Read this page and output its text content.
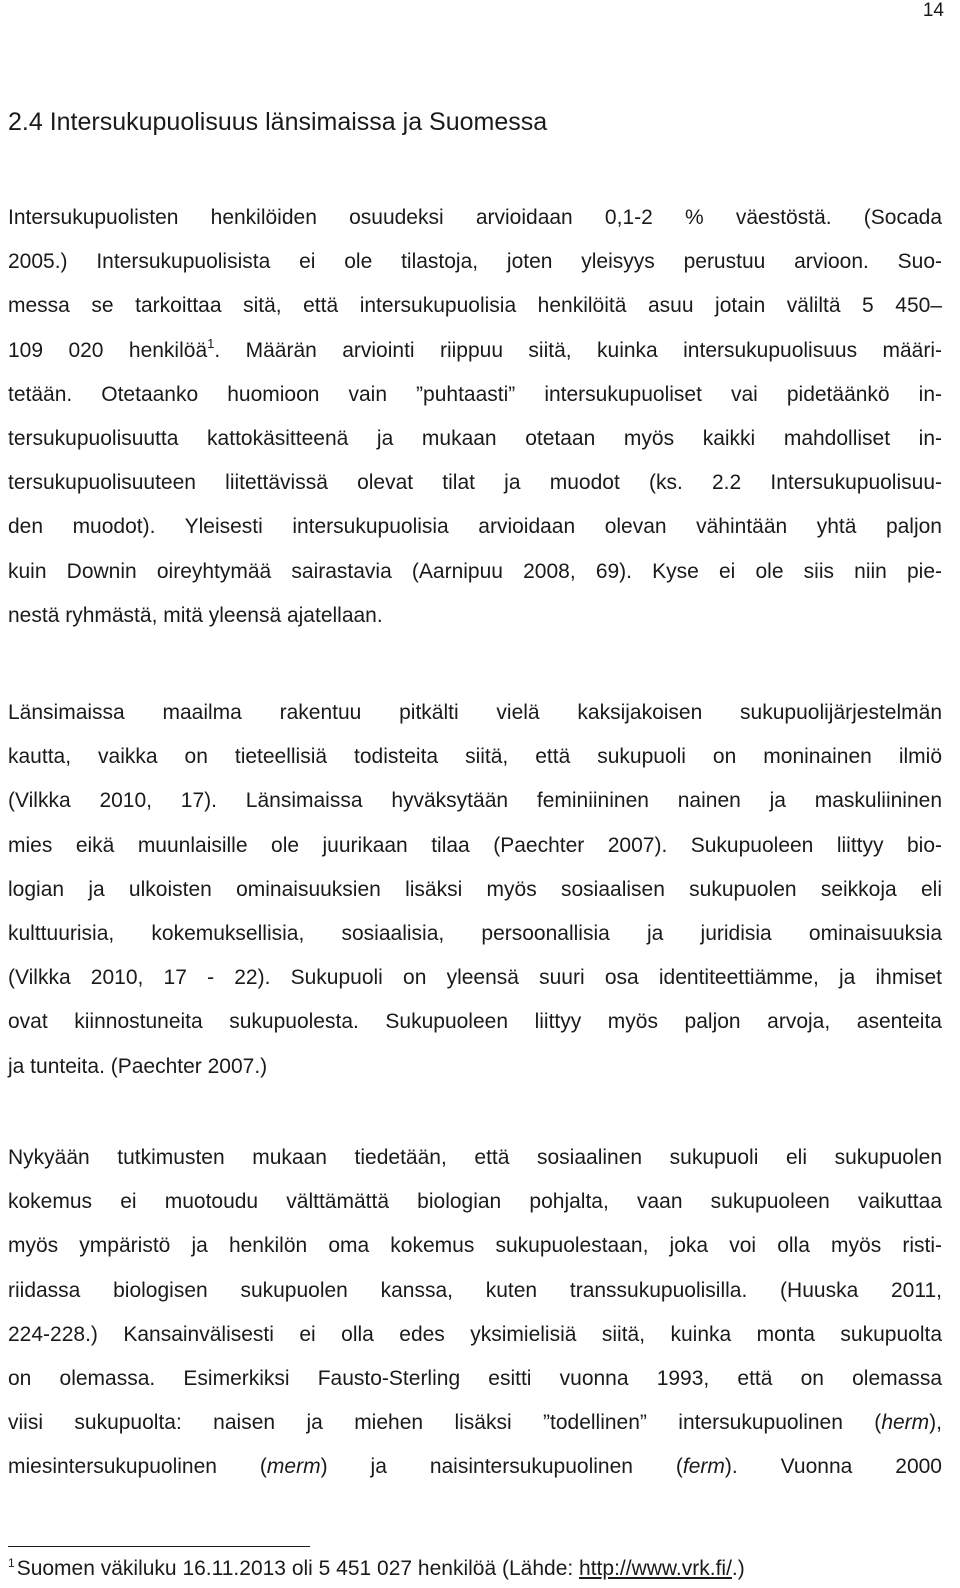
14
2.4 Intersukupuolisuus länsimaissa ja Suomessa
Intersukupuolisten henkilöiden osuudeksi arvioidaan 0,1-2 % väestöstä. (Socada
2005.) Intersukupuolisista ei ole tilastoja, joten yleisyys perustuu arvioon. Suo-
messa se tarkoittaa sitä, että intersukupuolisia henkilöitä asuu jotain väliltä 5 450–
109 020 henkilöä$^1$. Määrän arviointi riippuu siitä, kuinka intersukupuolisuus määri-
tetään. Otetaanko huomioon vain ”puhtaasti” intersukupuoliset vai pidetäänkö in-
tersukupuolisuutta kattokäsitteenä ja mukaan otetaan myös kaikki mahdolliset in-
tersukupuolisuuteen liitettävissä olevat tilat ja muodot (ks. 2.2 Intersukupuolisuu-
den muodot). Yleisesti intersukupuolisia arvioidaan olevan vähintään yhtä paljon
kuin Downin oireyhtymää sairastavia (Aarnipuu 2008, 69). Kyse ei ole siis niin pie-
nestä ryhmästä, mitä yleensä ajatellaan.
Länsimaissa maailma rakentuu pitkälti vielä kaksijakoisen sukupuolijärjestelmän
kautta, vaikka on tieteellisiä todisteita siitä, että sukupuoli on moninainen ilmiö
(Vilkka 2010, 17). Länsimaissa hyväksytään feminiininen nainen ja maskuliininen
mies eikä muunlaisille ole juurikaan tilaa (Paechter 2007). Sukupuoleen liittyy bio-
logian ja ulkoisten ominaisuuksien lisäksi myös sosiaalisen sukupuolen seikkoja eli
kulttuurisia, kokemuksellisia, sosiaalisia, persoonallisia ja juridisia ominaisuuksia
(Vilkka 2010, 17 - 22). Sukupuoli on yleensä suuri osa identiteettiämme, ja ihmiset
ovat kiinnostuneita sukupuolesta. Sukupuoleen liittyy myös paljon arvoja, asenteita
ja tunteita. (Paechter 2007.)
Nykyään tutkimusten mukaan tiedetään, että sosiaalinen sukupuoli eli sukupuolen
kokemus ei muotoudu välttämättä biologian pohjalta, vaan sukupuoleen vaikuttaa
myös ympäristö ja henkilön oma kokemus sukupuolestaan, joka voi olla myös risti-
riidassa biologisen sukupuolen kanssa, kuten transsukupuolisilla. (Huuska 2011,
224-228.) Kansainvälisesti ei olla edes yksimielisiä siitä, kuinka monta sukupuolta
on olemassa. Esimerkiksi Fausto-Sterling esitti vuonna 1993, että on olemassa
viisi sukupuolta: naisen ja miehen lisäksi ”todellinen” intersukupuolinen (herm),
miesintersukupuolinen (merm) ja naisintersukupuolinen (ferm). Vuonna 2000
$^1$Suomen väkiluku 16.11.2013 oli 5 451 027 henkilöä (Lähde: http://www.vrk.fi/.)
